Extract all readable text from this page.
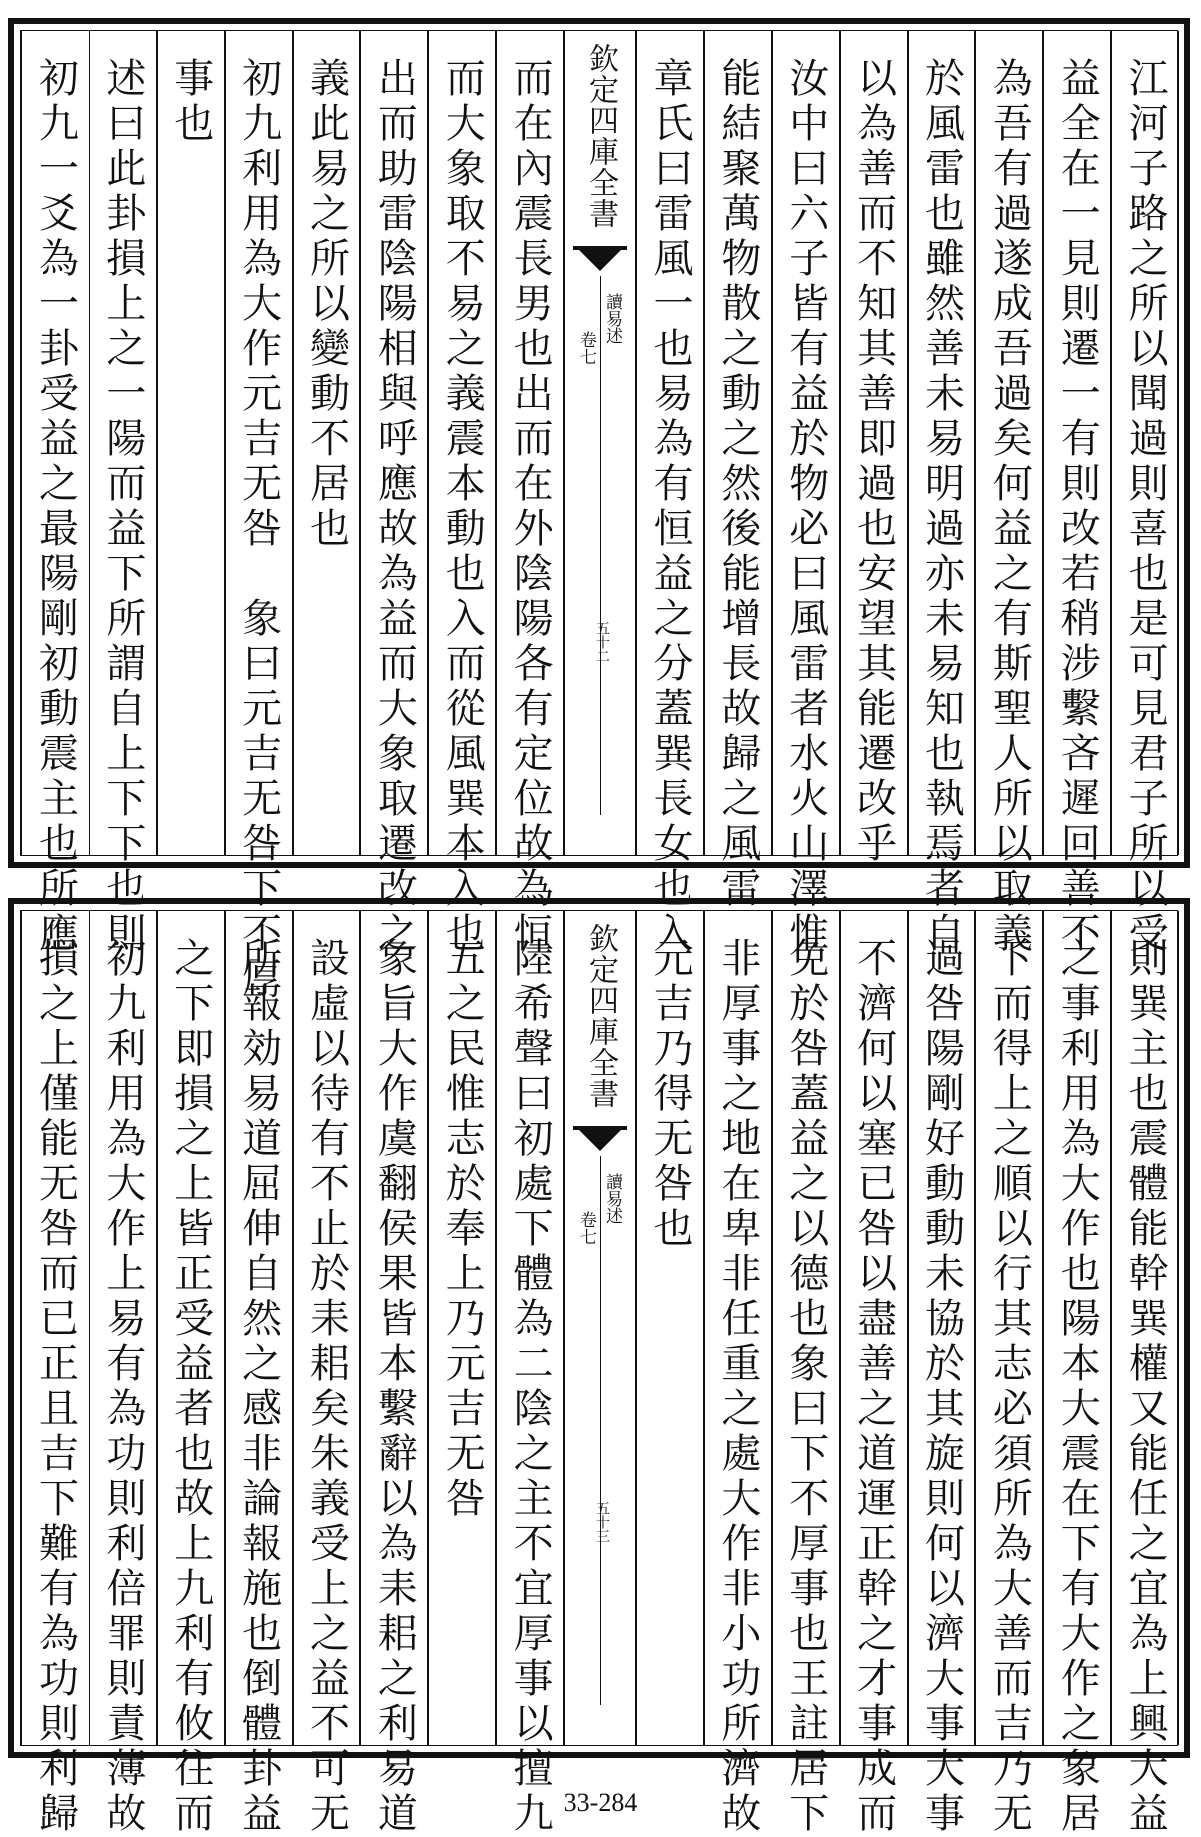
江河子路之所以聞過則喜也是可見君子所以受
益全在一見則遷一有則改若稍涉繫吝遲回善不
為吾有過遂成吾過矣何益之有斯聖人所以取義
於風雷也雖然善未易明過亦未易知也執焉者自
以為善而不知其善即過也安望其能遷改乎
汝中曰六子皆有益於物必曰風雷者水火山澤惟
能結聚萬物散之動之然後能增長故歸之風雷
章氏曰雷風一也易為有恒益之分蓋巽長女也入
欽定四庫全書
讀易述
卷七
五十二
而在內震長男也出而在外陰陽各有定位故為恒
而大象取不易之義震本動也入而從風巽本入也
出而助雷陰陽相與呼應故為益而大象取遷改之
義此易之所以變動不居也
初九利用為大作元吉无咎　象曰元吉无咎下不厚
事也
述曰此卦損上之一陽而益下所謂自上下下也則
初九一爻為一卦受益之最陽剛初動震主也所應
則巽主也震體能幹巽權又能任之宜為上興大益
之事利用為大作也陽本大震在下有大作之象居
下而得上之順以行其志必須所為大善而吉乃无
過咎陽剛好動動未協於其旋則何以濟大事大事
不濟何以塞已咎以盡善之道運正幹之才事成而
免於咎蓋益之以德也象曰下不厚事也王註居下
非厚事之地在卑非任重之處大作非小功所濟故
元吉乃得无咎也
欽定四庫全書
讀易述
卷七
五十三
陸希聲曰初處下體為二陰之主不宜厚事以擅九
五之民惟志於奉上乃元吉无咎
象旨大作虞翻侯果皆本繫辭以為耒耜之利易道
設虛以待有不止於耒耜矣朱義受上之益不可无
所報効易道屈伸自然之感非論報施也倒體卦益
之下即損之上皆正受益者也故上九利有攸往而
初九利用為大作上易有為功則利倍罪則責薄故
損之上僅能无咎而已正且吉下難有為功則利歸	33-284
